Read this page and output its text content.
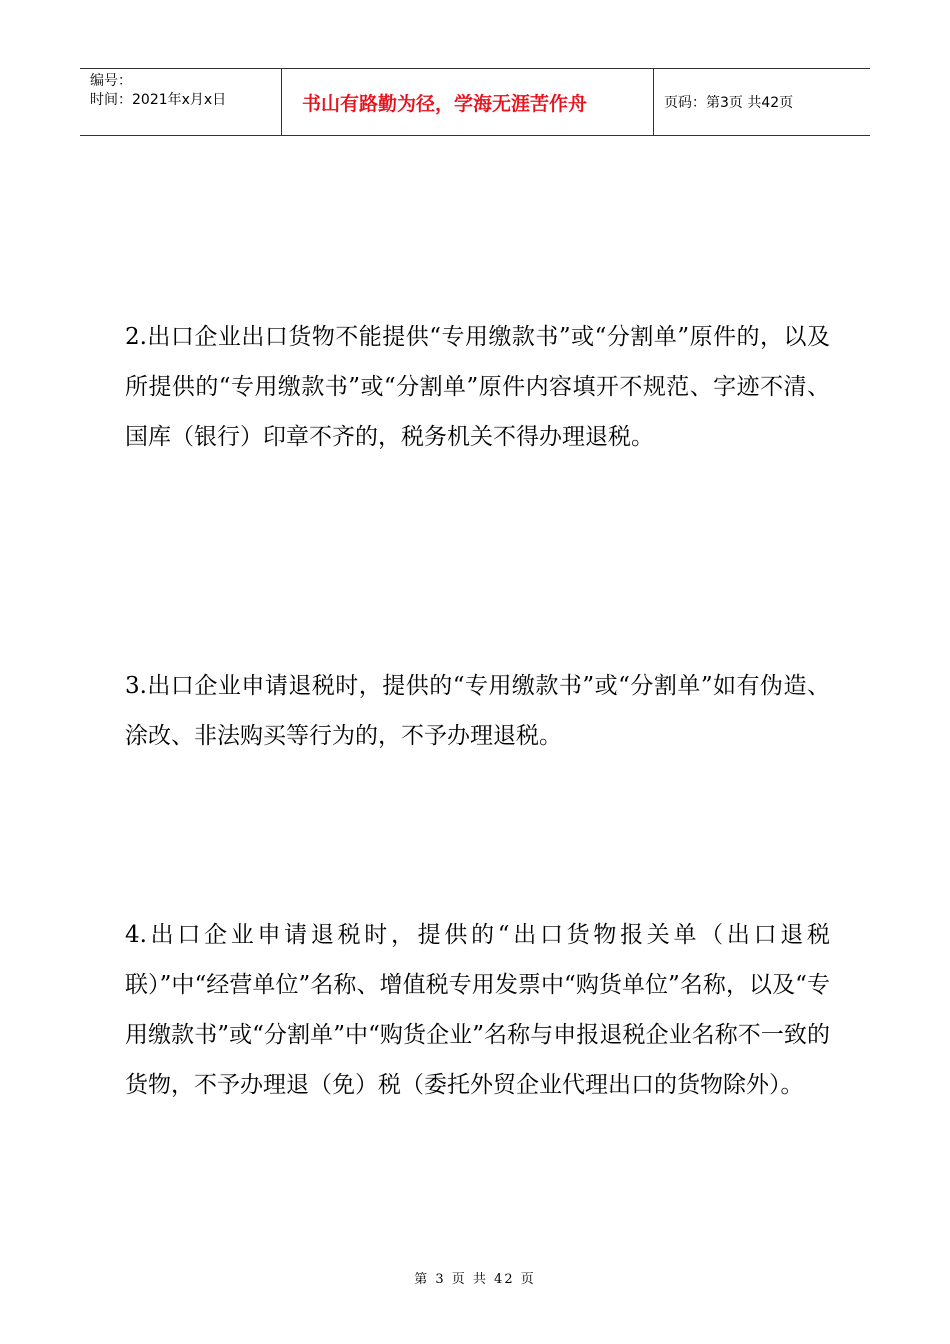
编号：
时间：2021年x月x日	书山有路勤为径，学海无涯苦作舟	页码：第3页 共42页

2.出口企业出口货物不能提供“专用缴款书”或“分割单”原件的，以及所提供的“专用缴款书”或“分割单”原件内容填开不规范、字迹不清、国库（银行）印章不齐的，税务机关不得办理退税。

3.出口企业申请退税时，提供的“专用缴款书”或“分割单”如有伪造、涂改、非法购买等行为的，不予办理退税。

4.出口企业申请退税时，提供的“出口货物报关单（出口退税联）”中“经营单位”名称、增值税专用发票中“购货单位”名称，以及“专用缴款书”或“分割单”中“购货企业”名称与申报退税企业名称不一致的货物，不予办理退（免）税（委托外贸企业代理出口的货物除外）。

第 3 页 共 42 页
